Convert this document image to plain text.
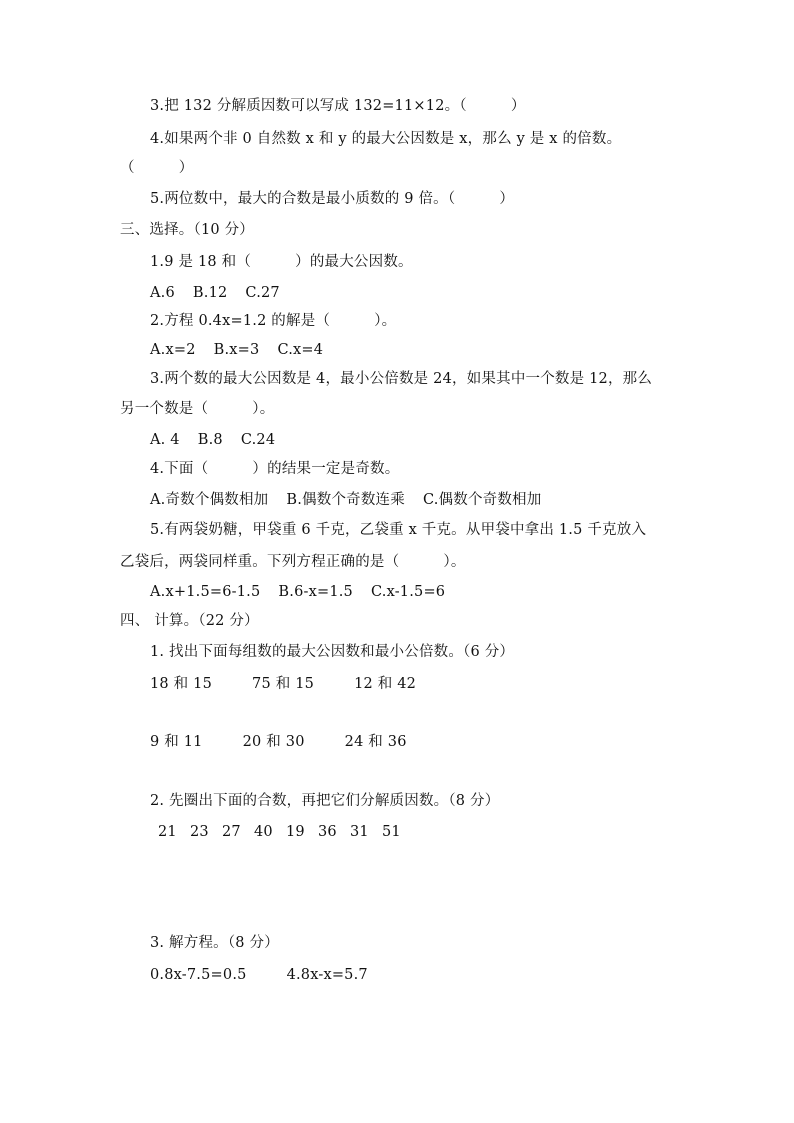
3.把 132 分解质因数可以写成 132=11×12。（　　　）
4.如果两个非 0 自然数 x 和 y 的最大公因数是 x，那么 y 是 x 的倍数。
（　　　）
5.两位数中，最大的合数是最小质数的 9 倍。（　　　）
三、选择。（10 分）
1.9 是 18 和（　　　）的最大公因数。
A.6 B.12 C.27
2.方程 0.4x=1.2 的解是（　　　）。
A.x=2 B.x=3 C.x=4
3.两个数的最大公因数是 4，最小公倍数是 24，如果其中一个数是 12，那么
另一个数是（　　　）。
A. 4 B.8 C.24
4.下面（　　　）的结果一定是奇数。
A.奇数个偶数相加 B.偶数个奇数连乘 C.偶数个奇数相加
5.有两袋奶糖，甲袋重 6 千克，乙袋重 x 千克。从甲袋中拿出 1.5 千克放入
乙袋后，两袋同样重。下列方程正确的是（　　　）。
A.x+1.5=6-1.5 B.6-x=1.5 C.x-1.5=6
四、 计算。（22 分）
1. 找出下面每组数的最大公因数和最小公倍数。（6 分）
18 和 15	75 和 15	12 和 42
9 和 11	20 和 30	24 和 36
2. 先圈出下面的合数，再把它们分解质因数。（8 分）
21 23 27 40 19 36 31 51
3. 解方程。（8 分）
0.8x-7.5=0.5	4.8x-x=5.7
